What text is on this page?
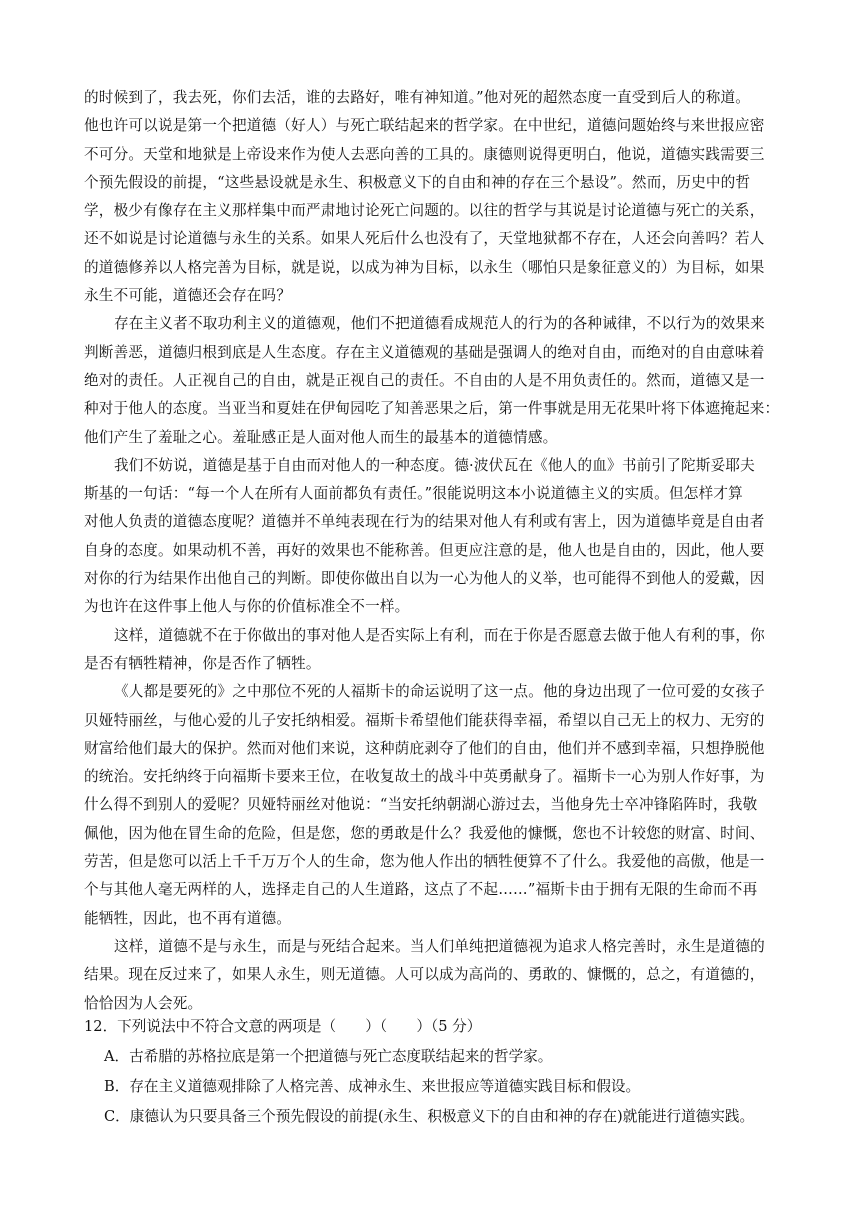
的时候到了，我去死，你们去活，谁的去路好，唯有神知道。”他对死的超然态度一直受到后人的称道。
他也许可以说是第一个把道德（好人）与死亡联结起来的哲学家。在中世纪，道德问题始终与来世报应密
不可分。天堂和地狱是上帝设来作为使人去恶向善的工具的。康德则说得更明白，他说，道德实践需要三
个预先假设的前提，“这些悬设就是永生、积极意义下的自由和神的存在三个悬设”。然而，历史中的哲
学，极少有像存在主义那样集中而严肃地讨论死亡问题的。以往的哲学与其说是讨论道德与死亡的关系，
还不如说是讨论道德与永生的关系。如果人死后什么也没有了，天堂地狱都不存在，人还会向善吗？若人
的道德修养以人格完善为目标，就是说，以成为神为目标，以永生（哪怕只是象征意义的）为目标，如果
永生不可能，道德还会存在吗？
存在主义者不取功利主义的道德观，他们不把道德看成规范人的行为的各种诫律，不以行为的效果来
判断善恶，道德归根到底是人生态度。存在主义道德观的基础是强调人的绝对自由，而绝对的自由意味着
绝对的责任。人正视自己的自由，就是正视自己的责任。不自由的人是不用负责任的。然而，道德又是一
种对于他人的态度。当亚当和夏娃在伊甸园吃了知善恶果之后，第一件事就是用无花果叶将下体遮掩起来：
他们产生了羞耻之心。羞耻感正是人面对他人而生的最基本的道德情感。
我们不妨说，道德是基于自由而对他人的一种态度。德·波伏瓦在《他人的血》书前引了陀斯妥耶夫
斯基的一句话：“每一个人在所有人面前都负有责任。”很能说明这本小说道德主义的实质。但怎样才算
对他人负责的道德态度呢？道德并不单纯表现在行为的结果对他人有利或有害上，因为道德毕竟是自由者
自身的态度。如果动机不善，再好的效果也不能称善。但更应注意的是，他人也是自由的，因此，他人要
对你的行为结果作出他自己的判断。即使你做出自以为一心为他人的义举，也可能得不到他人的爱戴，因
为也许在这件事上他人与你的价值标准全不一样。
这样，道德就不在于你做出的事对他人是否实际上有利，而在于你是否愿意去做于他人有利的事，你
是否有牺牲精神，你是否作了牺牲。
《人都是要死的》之中那位不死的人福斯卡的命运说明了这一点。他的身边出现了一位可爱的女孩子
贝娅特丽丝，与他心爱的儿子安托纳相爱。福斯卡希望他们能获得幸福，希望以自己无上的权力、无穷的
财富给他们最大的保护。然而对他们来说，这种荫庇剥夺了他们的自由，他们并不感到幸福，只想挣脱他
的统治。安托纳终于向福斯卡要来王位，在收复故土的战斗中英勇献身了。福斯卡一心为别人作好事，为
什么得不到别人的爱呢？贝娅特丽丝对他说：“当安托纳朝湖心游过去，当他身先士卒冲锋陷阵时，我敬
佩他，因为他在冒生命的危险，但是您，您的勇敢是什么？我爱他的慷慨，您也不计较您的财富、时间、
劳苦，但是您可以活上千千万万个人的生命，您为他人作出的牺牲便算不了什么。我爱他的高傲，他是一
个与其他人毫无两样的人，选择走自己的人生道路，这点了不起……”福斯卡由于拥有无限的生命而不再
能牺牲，因此，也不再有道德。
这样，道德不是与永生，而是与死结合起来。当人们单纯把道德视为追求人格完善时，永生是道德的
结果。现在反过来了，如果人永生，则无道德。人可以成为高尚的、勇敢的、慷慨的，总之，有道德的，
恰恰因为人会死。
12．下列说法中不符合文意的两项是（　　）（　　）（5 分）
A．古希腊的苏格拉底是第一个把道德与死亡态度联结起来的哲学家。
B．存在主义道德观排除了人格完善、成神永生、来世报应等道德实践目标和假设。
C．康德认为只要具备三个预先假设的前提(永生、积极意义下的自由和神的存在)就能进行道德实践。
